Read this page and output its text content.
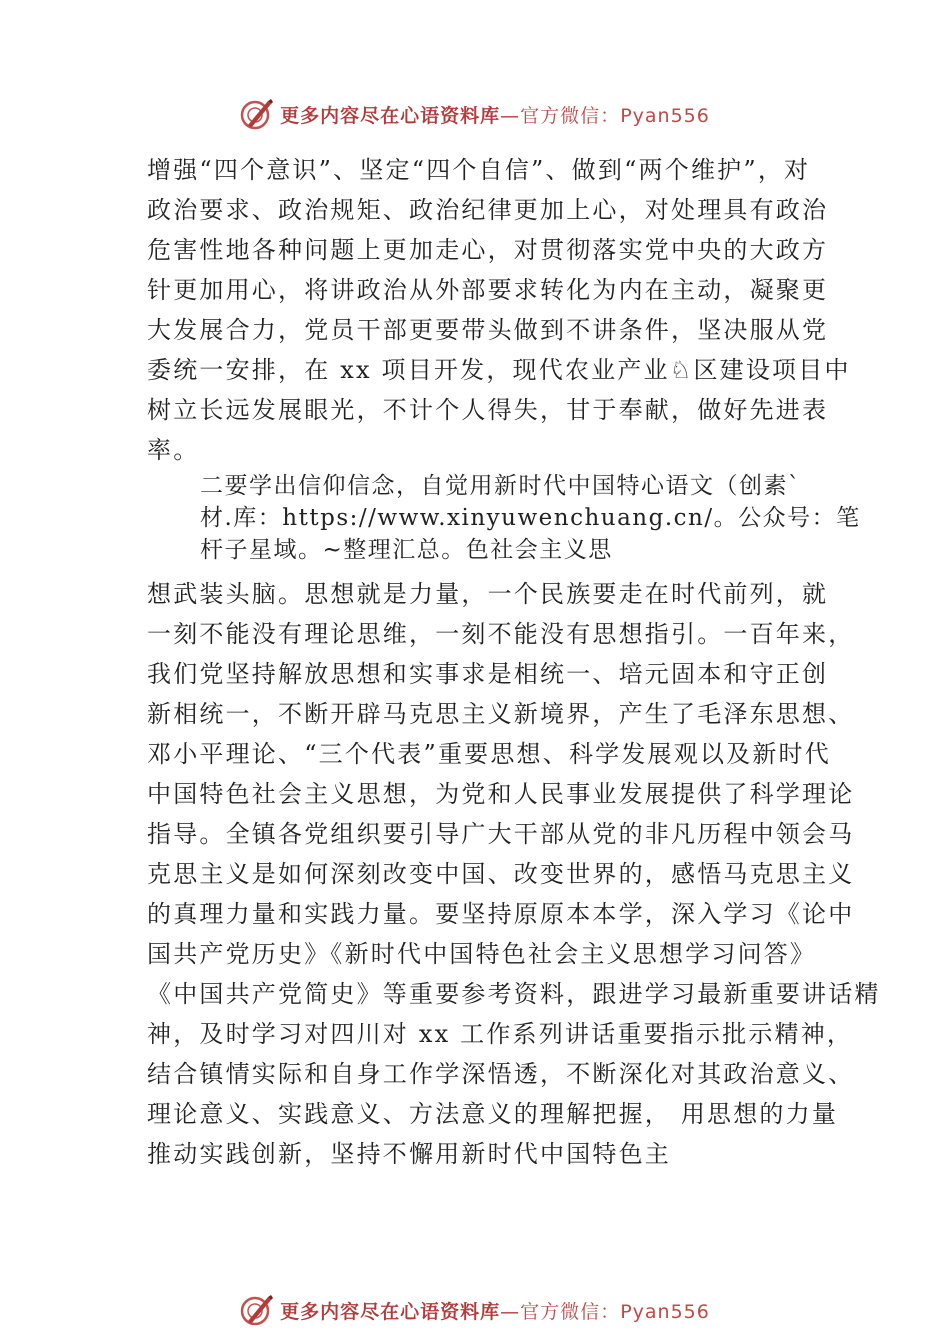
更多内容尽在心语资料库—官方微信：Pyan556
增强“四个意识”、坚定“四个自信”、做到“两个维护”，对
政治要求、政治规矩、政治纪律更加上心，对处理具有政治
危害性地各种问题上更加走心，对贯彻落实党中央的大政方
针更加用心，将讲政治从外部要求转化为内在主动，凝聚更
大发展合力，党员干部更要带头做到不讲条件，坚决服从党
委统一安排，在 xx 项目开发，现代农业产业♘区建设项目中
树立长远发展眼光，不计个人得失，甘于奉献，做好先进表
率。
二要学出信仰信念，自觉用新时代中国特心语文（创素`
材.库：https://www.xinyuwenchuang.cn/。公众号：笔
杆子星域。~整理汇总。色社会主义思
想武装头脑。思想就是力量，一个民族要走在时代前列，就
一刻不能没有理论思维，一刻不能没有思想指引。一百年来，
我们党坚持解放思想和实事求是相统一、培元固本和守正创
新相统一，不断开辟马克思主义新境界，产生了毛泽东思想、
邓小平理论、“三个代表”重要思想、科学发展观以及新时代
中国特色社会主义思想，为党和人民事业发展提供了科学理论
指导。全镇各党组织要引导广大干部从党的非凡历程中领会马
克思主义是如何深刻改变中国、改变世界的，感悟马克思主义
的真理力量和实践力量。要坚持原原本本学，深入学习《论中
国共产党历史》《新时代中国特色社会主义思想学习问答》
《中国共产党简史》等重要参考资料，跟进学习最新重要讲话精
神，及时学习对四川对 xx 工作系列讲话重要指示批示精神，
结合镇情实际和自身工作学深悟透，不断深化对其政治意义、
理论意义、实践意义、方法意义的理解把握， 用思想的力量
推动实践创新，坚持不懈用新时代中国特色主
更多内容尽在心语资料库—官方微信：Pyan556
